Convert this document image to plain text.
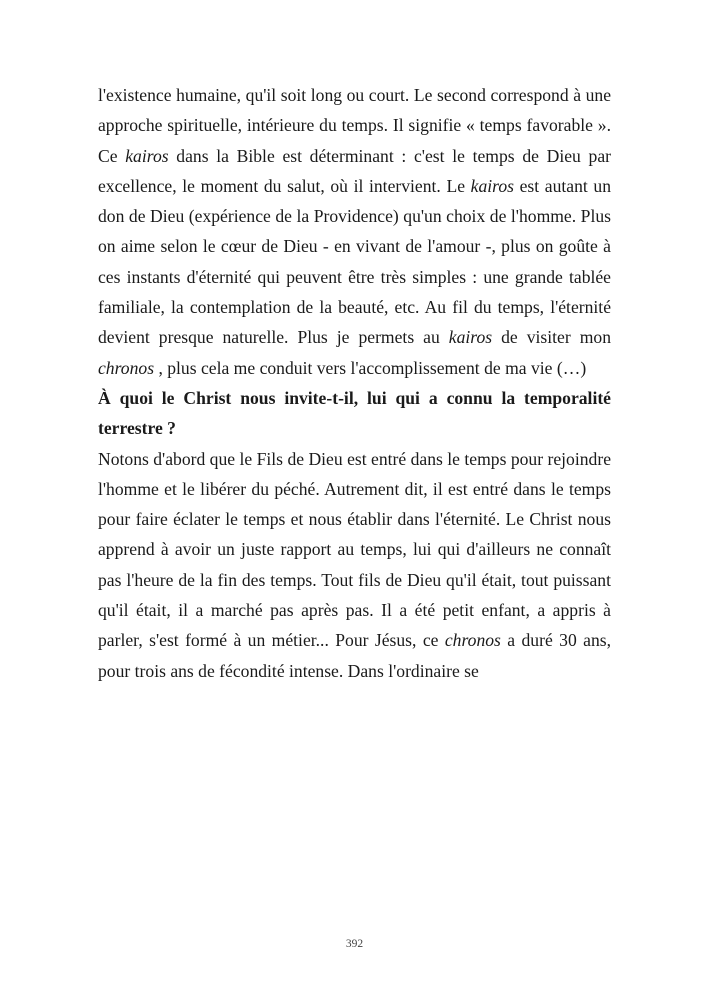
l'existence humaine, qu'il soit long ou court. Le second correspond à une approche spirituelle, intérieure du temps. Il signifie « temps favorable ». Ce kairos dans la Bible est déterminant : c'est le temps de Dieu par excellence, le moment du salut, où il intervient. Le kairos est autant un don de Dieu (expérience de la Providence) qu'un choix de l'homme. Plus on aime selon le cœur de Dieu - en vivant de l'amour -, plus on goûte à ces instants d'éternité qui peuvent être très simples : une grande tablée familiale, la contemplation de la beauté, etc. Au fil du temps, l'éternité devient presque naturelle. Plus je permets au kairos de visiter mon chronos , plus cela me conduit vers l'accomplissement de ma vie (…)

À quoi le Christ nous invite-t-il, lui qui a connu la temporalité terrestre ?

Notons d'abord que le Fils de Dieu est entré dans le temps pour rejoindre l'homme et le libérer du péché. Autrement dit, il est entré dans le temps pour faire éclater le temps et nous établir dans l'éternité. Le Christ nous apprend à avoir un juste rapport au temps, lui qui d'ailleurs ne connaît pas l'heure de la fin des temps. Tout fils de Dieu qu'il était, tout puissant qu'il était, il a marché pas après pas. Il a été petit enfant, a appris à parler, s'est formé à un métier... Pour Jésus, ce chronos a duré 30 ans, pour trois ans de fécondité intense. Dans l'ordinaire se

392
